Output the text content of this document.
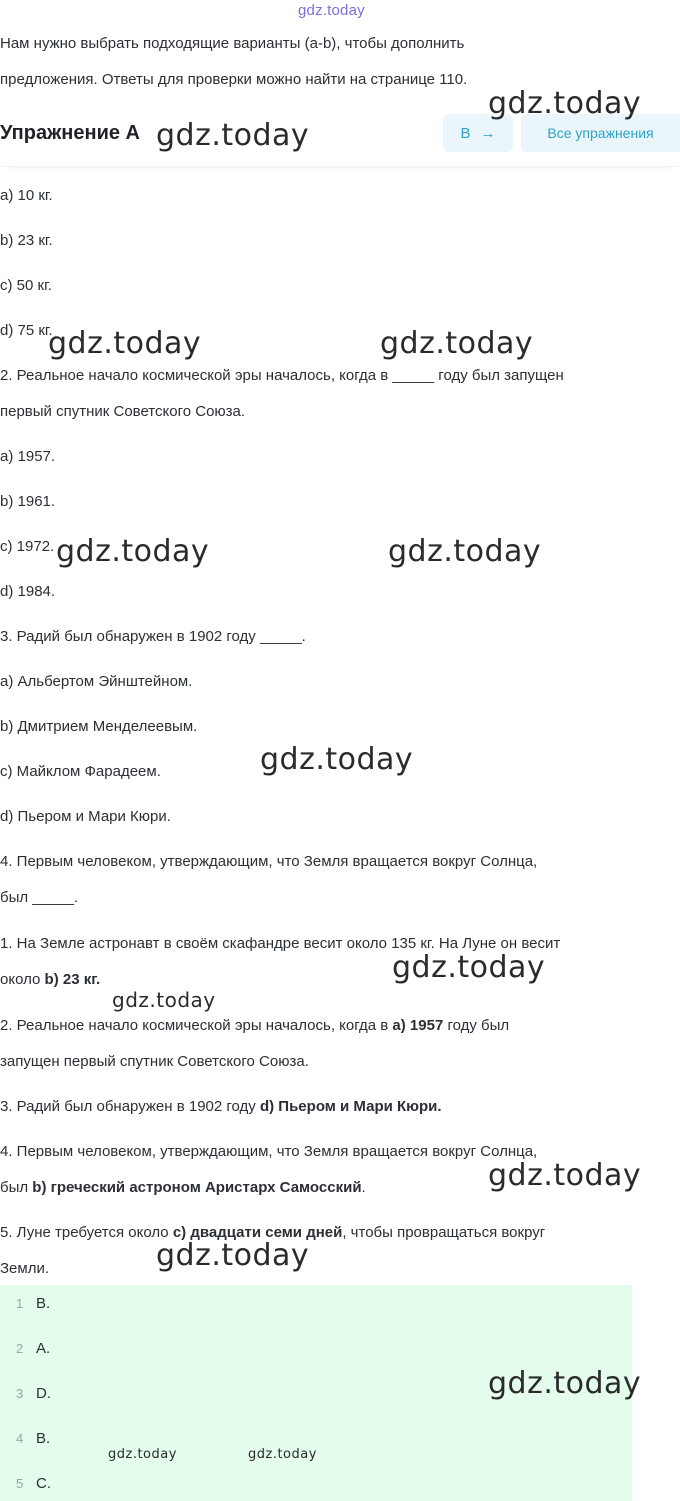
gdz.today
Нам нужно выбрать подходящие варианты (a-b), чтобы дополнить
предложения. Ответы для проверки можно найти на странице 110.
Упражнение A	B →	Все упражнения
a) 10 кг.
b) 23 кг.
c) 50 кг.
d) 75 кг.
2. Реальное начало космической эры началось, когда в _____ году был запущен
первый спутник Советского Союза.
a) 1957.
b) 1961.
c) 1972.
d) 1984.
3. Радий был обнаружен в 1902 году _____.
a) Альбертом Эйнштейном.
b) Дмитрием Менделеевым.
c) Майклом Фарадеем.
d) Пьером и Мари Кюри.
4. Первым человеком, утверждающим, что Земля вращается вокруг Солнца,
был _____.
1. На Земле астронавт в своём скафандре весит около 135 кг. На Луне он весит
около b) 23 кг.
2. Реальное начало космической эры началось, когда в a) 1957 году был
запущен первый спутник Советского Союза.
3. Радий был обнаружен в 1902 году d) Пьером и Мари Кюри.
4. Первым человеком, утверждающим, что Земля вращается вокруг Солнца,
был b) греческий астроном Аристарх Самосский.
5. Луне требуется около c) двадцати семи дней, чтобы провращаться вокруг
Земли.
1 B.
2 A.
3 D.
4 B.
5 C.
gdz.today
gdz.today
gdz.today	gdz.today
gdz.today	gdz.today
gdz.today
gdz.today
gdz.today
gdz.today
gdz.today
gdz.today
gdz.today	gdz.today
